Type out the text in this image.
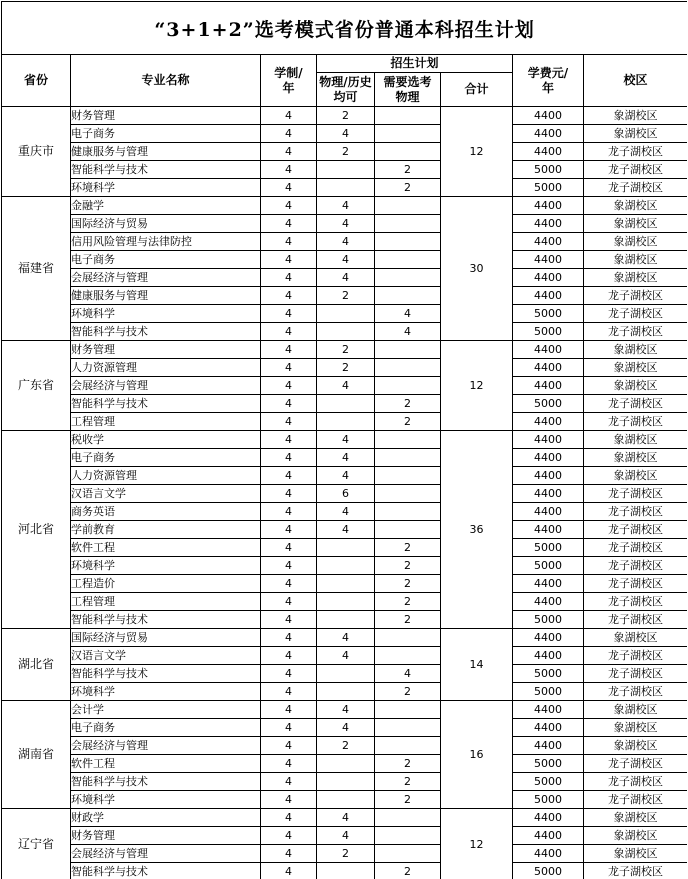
“3+1+2”选考模式省份普通本科招生计划							
省份	专业名称	学制/年	招生计划			学费元/年	校区
			物理/历史均可	需要选考物理	合计		
重庆市	财务管理	4	2		12	4400	象湖校区
	电子商务	4	4			4400	象湖校区
	健康服务与管理	4	2			4400	龙子湖校区
	智能科学与技术	4		2		5000	龙子湖校区
	环境科学	4		2		5000	龙子湖校区
福建省	金融学	4	4		30	4400	象湖校区
	国际经济与贸易	4	4			4400	象湖校区
	信用风险管理与法律防控	4	4			4400	象湖校区
	电子商务	4	4			4400	象湖校区
	会展经济与管理	4	4			4400	象湖校区
	健康服务与管理	4	2			4400	龙子湖校区
	环境科学	4		4		5000	龙子湖校区
	智能科学与技术	4		4		5000	龙子湖校区
广东省	财务管理	4	2		12	4400	象湖校区
	人力资源管理	4	2			4400	象湖校区
	会展经济与管理	4	4			4400	象湖校区
	智能科学与技术	4		2		5000	龙子湖校区
	工程管理	4		2		4400	龙子湖校区
河北省	税收学	4	4		36	4400	象湖校区
	电子商务	4	4			4400	象湖校区
	人力资源管理	4	4			4400	象湖校区
	汉语言文学	4	6			4400	龙子湖校区
	商务英语	4	4			4400	龙子湖校区
	学前教育	4	4			4400	龙子湖校区
	软件工程	4		2		5000	龙子湖校区
	环境科学	4		2		5000	龙子湖校区
	工程造价	4		2		4400	龙子湖校区
	工程管理	4		2		4400	龙子湖校区
	智能科学与技术	4		2		5000	龙子湖校区
湖北省	国际经济与贸易	4	4		14	4400	象湖校区
	汉语言文学	4	4			4400	龙子湖校区
	智能科学与技术	4		4		5000	龙子湖校区
	环境科学	4		2		5000	龙子湖校区
湖南省	会计学	4	4		16	4400	象湖校区
	电子商务	4	4			4400	象湖校区
	会展经济与管理	4	2			4400	象湖校区
	软件工程	4		2		5000	龙子湖校区
	智能科学与技术	4		2		5000	龙子湖校区
	环境科学	4		2		5000	龙子湖校区
辽宁省	财政学	4	4		12	4400	象湖校区
	财务管理	4	4			4400	象湖校区
	会展经济与管理	4	2			4400	象湖校区
	智能科学与技术	4		2		5000	龙子湖校区
